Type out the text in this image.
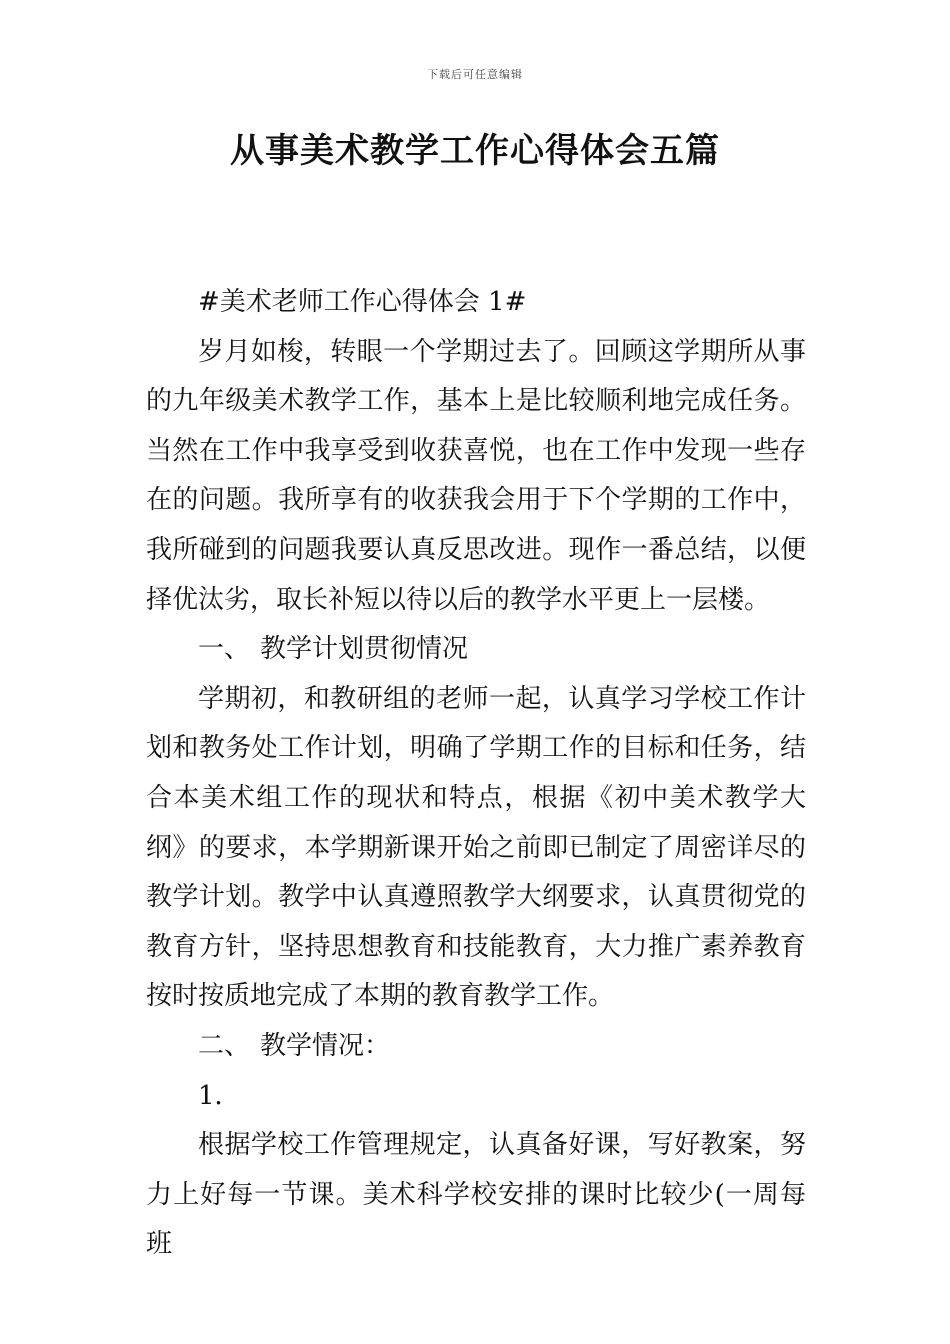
下载后可任意编辑
从事美术教学工作心得体会五篇

#美术老师工作心得体会 1#

岁月如梭，转眼一个学期过去了。回顾这学期所从事的九年级美术教学工作，基本上是比较顺利地完成任务。当然在工作中我享受到收获喜悦，也在工作中发现一些存在的问题。我所享有的收获我会用于下个学期的工作中，我所碰到的问题我要认真反思改进。现作一番总结，以便择优汰劣，取长补短以待以后的教学水平更上一层楼。

一、 教学计划贯彻情况

学期初，和教研组的老师一起，认真学习学校工作计划和教务处工作计划，明确了学期工作的目标和任务，结合本美术组工作的现状和特点，根据《初中美术教学大纲》的要求，本学期新课开始之前即已制定了周密详尽的教学计划。教学中认真遵照教学大纲要求，认真贯彻党的教育方针，坚持思想教育和技能教育，大力推广素养教育按时按质地完成了本期的教育教学工作。

二、 教学情况：

1．

根据学校工作管理规定，认真备好课，写好教案，努力上好每一节课。美术科学校安排的课时比较少(一周每班
